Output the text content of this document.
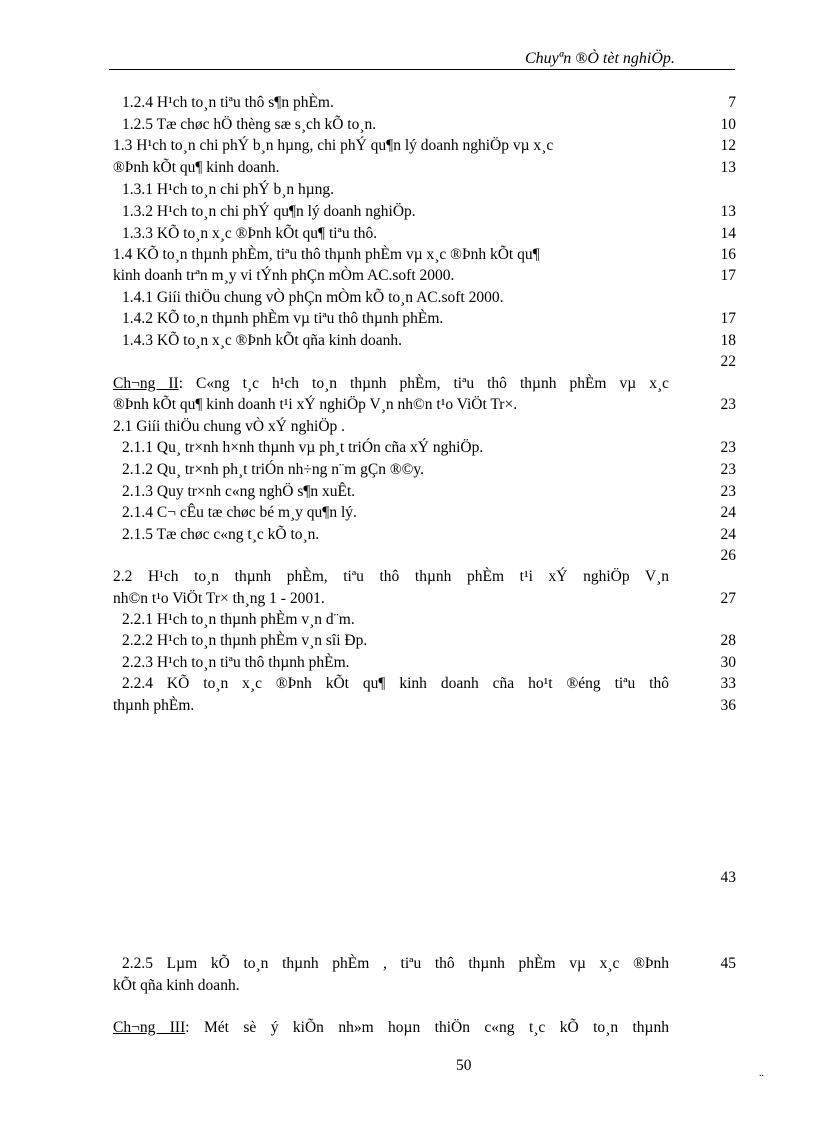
Chuyªn ®Ò tèt nghiÖp.
1.2.4 H¹ch to¸n tiªu thô s¶n phÈm.
1.2.5 Tæ chøc hÖ thèng sæ s¸ch kÕ to¸n.
1.3 H¹ch to¸n chi phÝ b¸n hµng, chi phÝ qu¶n lý doanh nghiÖp vµ x¸c
®Þnh kÕt qu¶ kinh doanh.
1.3.1 H¹ch to¸n chi phÝ b¸n hµng.
1.3.2 H¹ch to¸n chi phÝ qu¶n lý doanh nghiÖp.
1.3.3 KÕ to¸n x¸c ®Þnh kÕt qu¶ tiªu thô.
1.4 KÕ to¸n thµnh phÈm, tiªu thô thµnh phÈm vµ x¸c ®Þnh kÕt qu¶
kinh doanh trªn m¸y vi tÝnh phÇn mÒm AC.soft 2000.
1.4.1 Giíi thiÖu chung vÒ phÇn mÒm kÕ to¸n AC.soft 2000.
1.4.2 KÕ to¸n thµnh phÈm vµ tiªu thô thµnh phÈm.
1.4.3 KÕ to¸n x¸c ®Þnh kÕt qña kinh doanh.
Ch¬ng II: C«ng t¸c h¹ch to¸n thµnh phÈm, tiªu thô thµnh phÈm vµ x¸c
®Þnh kÕt qu¶ kinh doanh t¹i xÝ nghiÖp V¸n nh©n t¹o ViÖt Tr×.
2.1 Giíi thiÖu chung vÒ xÝ nghiÖp .
2.1.1 Qu¸ tr×nh h×nh thµnh vµ ph¸t triÓn cña xÝ nghiÖp.
2.1.2 Qu¸ tr×nh ph¸t triÓn nh÷ng n¨m gÇn ®©y.
2.1.3 Quy tr×nh c«ng nghÖ s¶n xuÊt.
2.1.4 C¬ cÊu tæ chøc bé m¸y qu¶n lý.
2.1.5 Tæ chøc c«ng t¸c kÕ to¸n.
2.2 H¹ch to¸n thµnh phÈm, tiªu thô thµnh phÈm t¹i xÝ nghiÖp V¸n
nh©n t¹o ViÖt Tr× th¸ng 1 - 2001.
2.2.1 H¹ch to¸n thµnh phÈm v¸n d¨m.
2.2.2 H¹ch to¸n thµnh phÈm v¸n sîi Ðp.
2.2.3 H¹ch to¸n tiªu thô thµnh phÈm.
2.2.4 KÕ to¸n x¸c ®Þnh kÕt qu¶ kinh doanh cña ho¹t ®éng tiªu thô
thµnh phÈm.
2.2.5 Lµm kÕ to¸n thµnh phÈm , tiªu thô thµnh phÈm vµ x¸c ®Þnh
kÕt qña kinh doanh.
Ch¬ng III: Mét sè ý kiÕn nh»m hoµn thiÖn c«ng t¸c kÕ to¸n thµnh
7
10
12
13
13
14
16
17
17
18
22
23
23
23
23
24
24
26
27
28
30
33
36
43
45
50	..
